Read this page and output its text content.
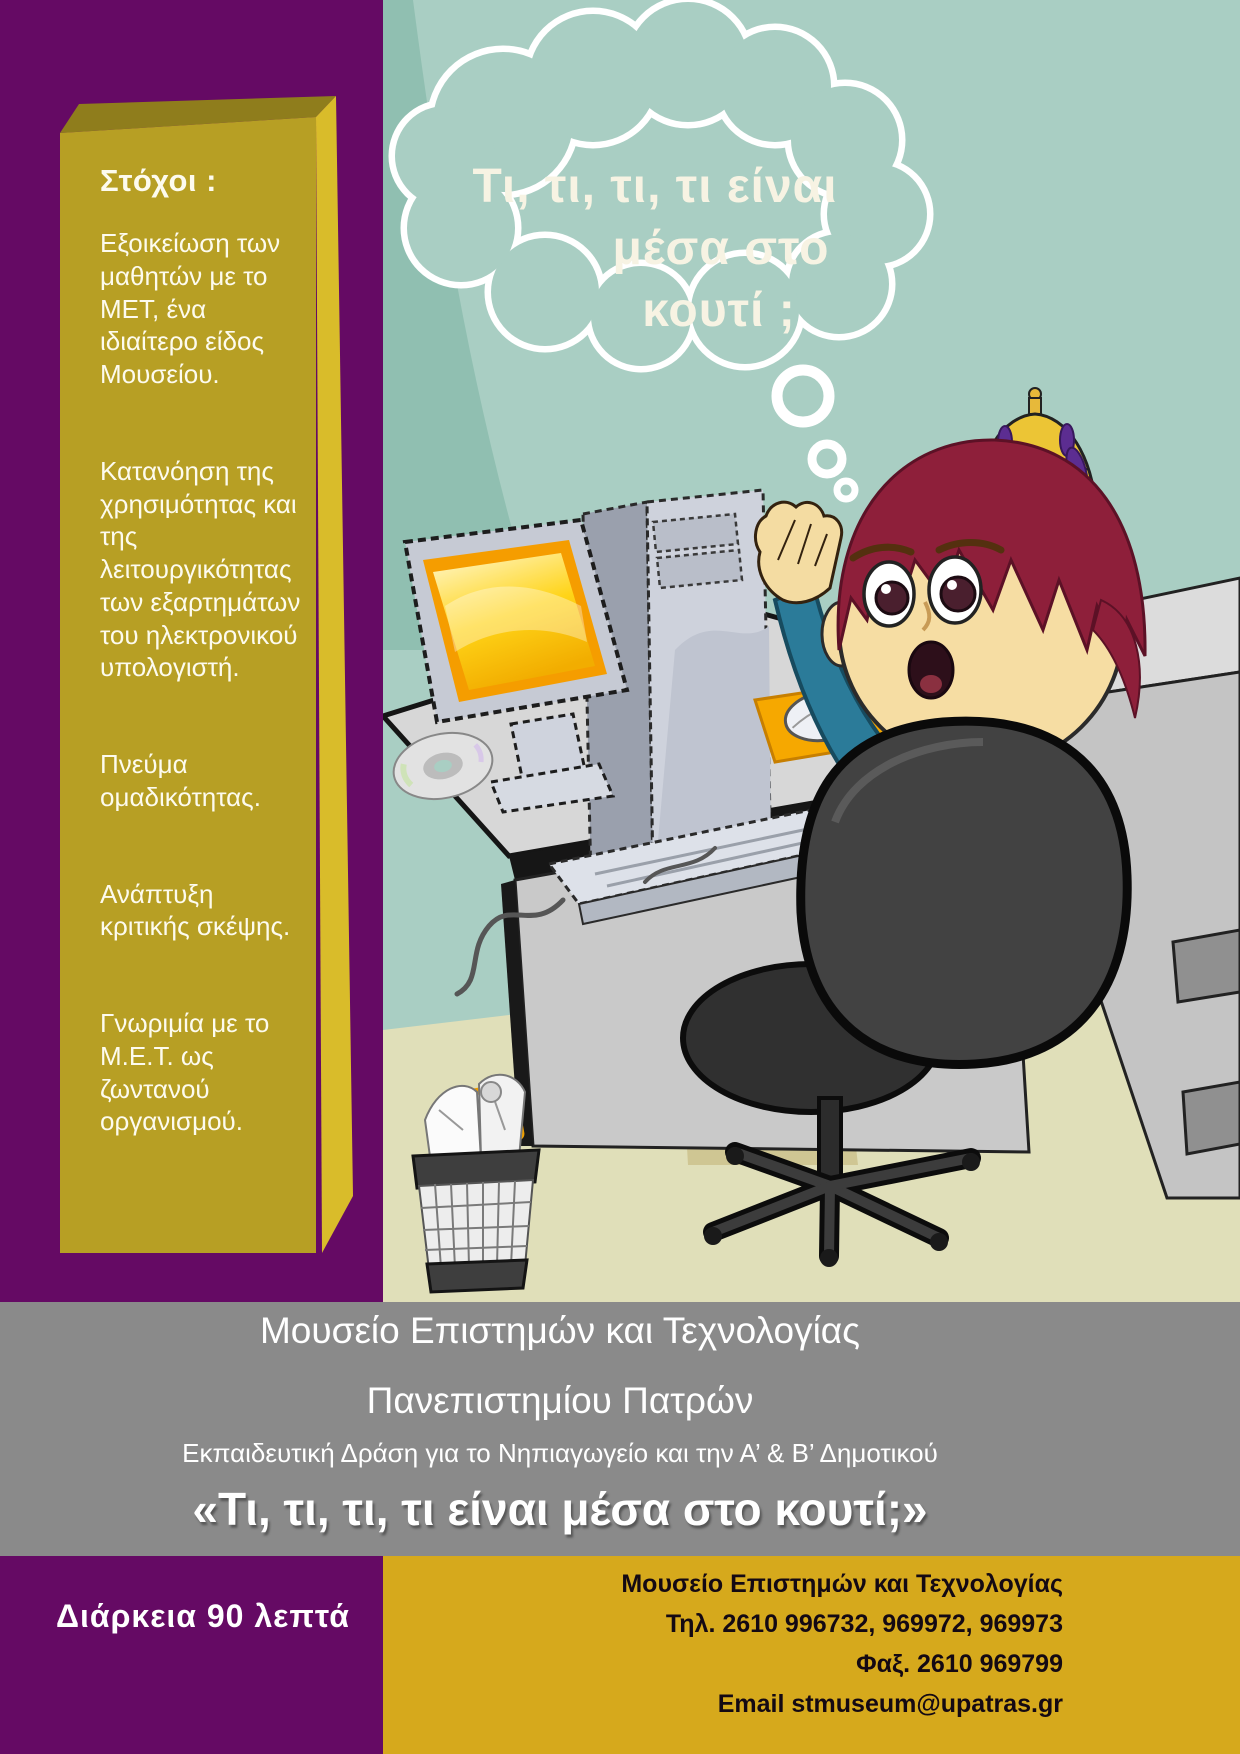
Τι, τι, τι, τι είναι
μέσα στο
κουτί ;
Στόχοι :

Εξοικείωση των μαθητών με το ΜΕΤ, ένα ιδιαίτερο είδος Μουσείου.

Κατανόηση της χρησιμότητας και της λειτουργικότητας των εξαρτημάτων του ηλεκτρονικού υπολογιστή.

Πνεύμα ομαδικότητας.

Ανάπτυξη κριτικής σκέψης.

Γνωριμία με το Μ.Ε.Τ. ως ζωντανού οργανισμού.

Μουσείο Επιστημών και Τεχνολογίας
Πανεπιστημίου Πατρών
Εκπαιδευτική Δράση για το Νηπιαγωγείο και την Α’ & Β’ Δημοτικού
«Τι, τι, τι, τι είναι μέσα στο κουτί;»
Μουσείο Επιστημών και Τεχνολογίας
Τηλ. 2610 996732, 969972, 969973
Φαξ. 2610 969799
Email stmuseum@upatras.gr
Διάρκεια 90 λεπτά
